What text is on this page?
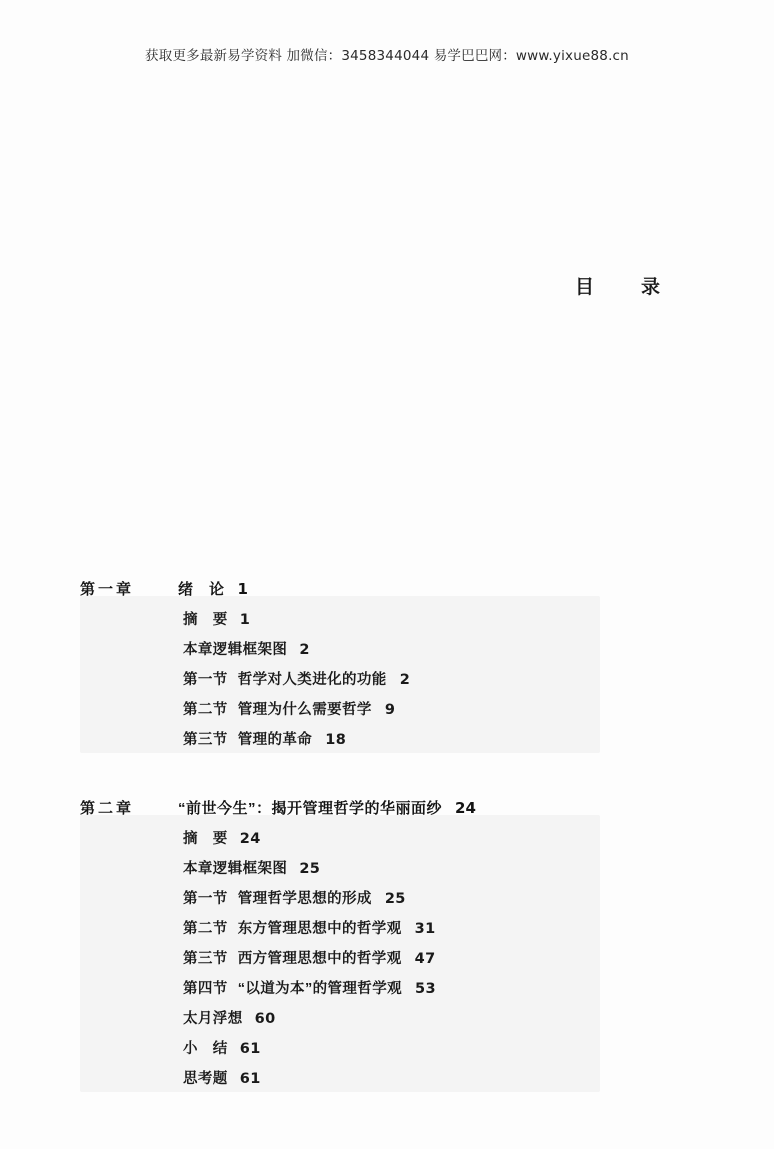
获取更多最新易学资料 加微信：3458344044 易学巴巴网：www.yixue88.cn
目　录
第一章	绪　论 1
摘　要 1
本章逻辑框架图 2
第一节 哲学对人类进化的功能 2
第二节 管理为什么需要哲学 9
第三节 管理的革命 18
第二章	“前世今生”：揭开管理哲学的华丽面纱 24
摘　要 24
本章逻辑框架图 25
第一节 管理哲学思想的形成 25
第二节 东方管理思想中的哲学观 31
第三节 西方管理思想中的哲学观 47
第四节 “以道为本”的管理哲学观 53
太月浮想 60
小　结 61
思考题 61
